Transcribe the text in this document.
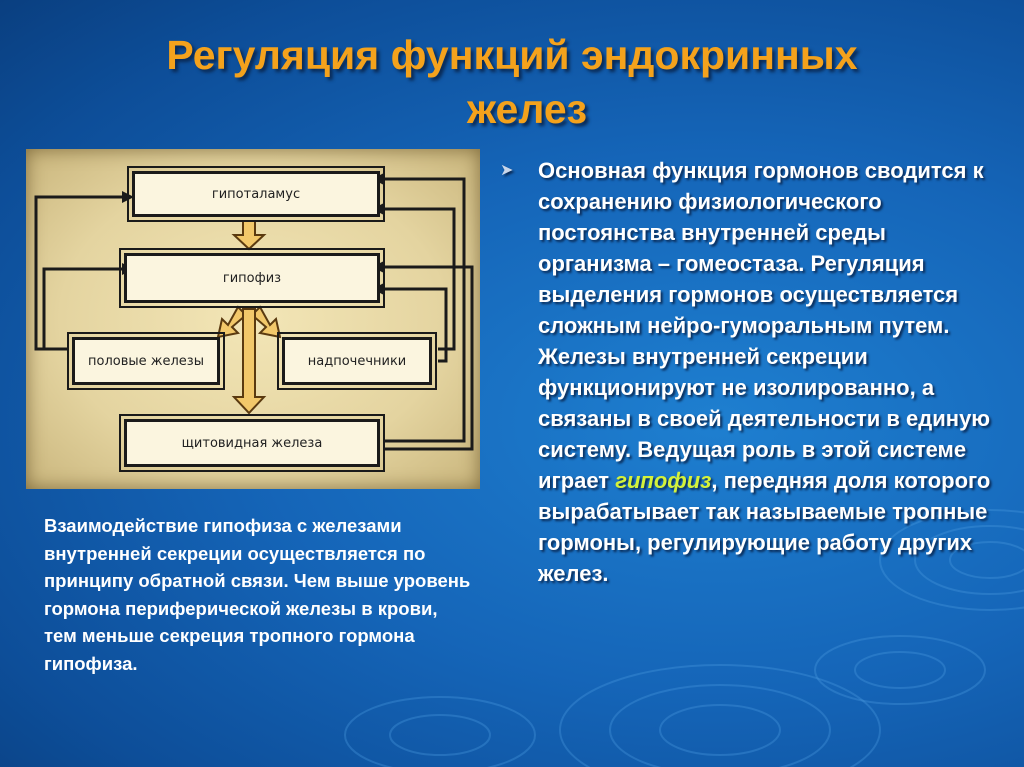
Регуляция функций эндокринных
желез
гипоталамус
гипофиз
половые железы	надпочечники
щитовидная железа

Взаимодействие гипофиза с железами внутренней секреции осуществляется по принципу обратной связи. Чем выше уровень гормона периферической железы в крови, тем меньше секреция тропного гормона гипофиза.

➤ Основная функция гормонов сводится к сохранению физиологического постоянства внутренней среды организма – гомеостаза. Регуляция выделения гормонов осуществляется сложным нейро-гуморальным путем. Железы внутренней секреции функционируют не изолированно, а связаны в своей деятельности в единую систему. Ведущая роль в этой системе играет гипофиз, передняя доля которого вырабатывает так называемые тропные гормоны, регулирующие работу других желез.
